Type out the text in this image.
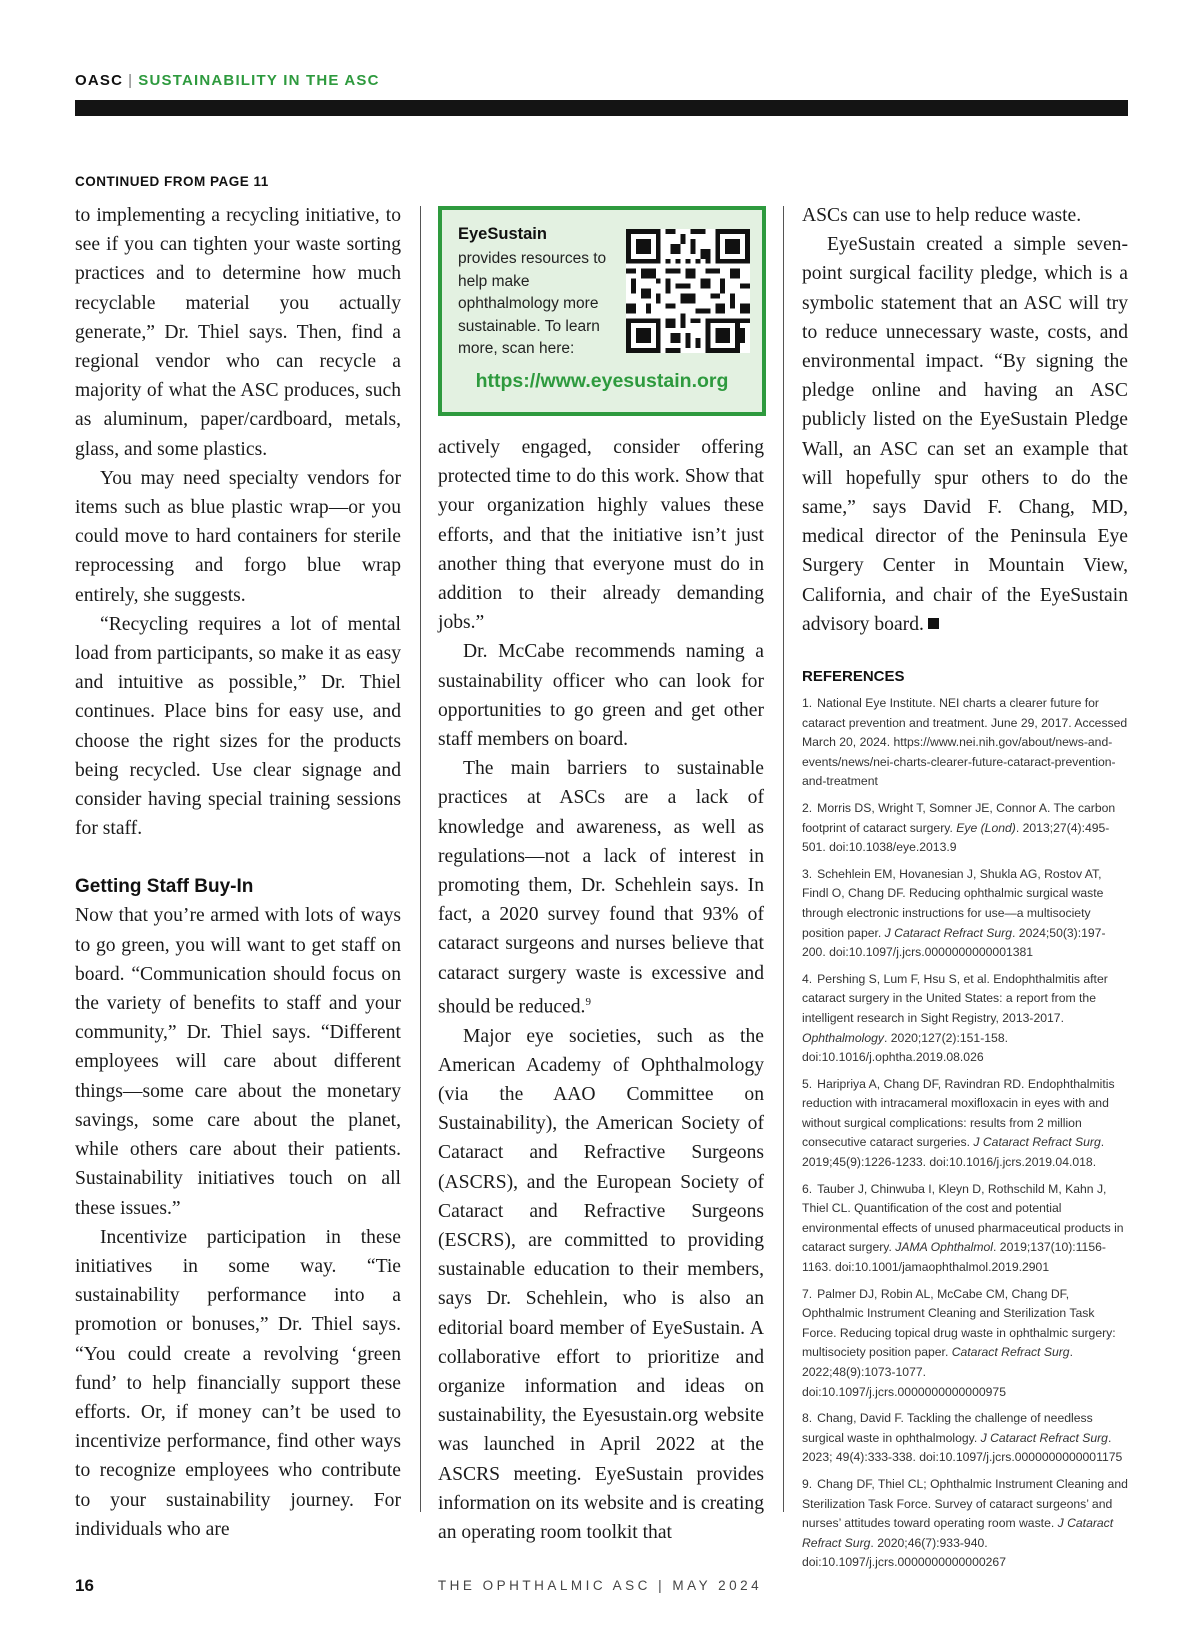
OASC | SUSTAINABILITY IN THE ASC
CONTINUED FROM PAGE 11

to implementing a recycling initiative, to see if you can tighten your waste sorting practices and to determine how much recyclable material you actually generate,” Dr. Thiel says. Then, find a regional vendor who can recycle a majority of what the ASC produces, such as aluminum, paper/cardboard, metals, glass, and some plastics.

You may need specialty vendors for items such as blue plastic wrap—or you could move to hard containers for sterile reprocessing and forgo blue wrap entirely, she suggests.

“Recycling requires a lot of mental load from participants, so make it as easy and intuitive as possible,” Dr. Thiel continues. Place bins for easy use, and choose the right sizes for the products being recycled. Use clear signage and consider having special training sessions for staff.

Getting Staff Buy-In

Now that you’re armed with lots of ways to go green, you will want to get staff on board. “Communication should focus on the variety of benefits to staff and your community,” Dr. Thiel says. “Different employees will care about different things—some care about the monetary savings, some care about the planet, while others care about their patients. Sustainability initiatives touch on all these issues.”

Incentivize participation in these initiatives in some way. “Tie sustainability performance into a promotion or bonuses,” Dr. Thiel says. “You could create a revolving ‘green fund’ to help financially support these efforts. Or, if money can’t be used to incentivize performance, find other ways to recognize employees who contribute to your sustainability journey. For individuals who are

EyeSustain
provides resources to help make ophthalmology more sustainable. To learn more, scan here:
https://www.eyesustain.org

actively engaged, consider offering protected time to do this work. Show that your organization highly values these efforts, and that the initiative isn’t just another thing that everyone must do in addition to their already demanding jobs.”

Dr. McCabe recommends naming a sustainability officer who can look for opportunities to go green and get other staff members on board.

The main barriers to sustainable practices at ASCs are a lack of knowledge and awareness, as well as regulations—not a lack of interest in promoting them, Dr. Schehlein says. In fact, a 2020 survey found that 93% of cataract surgeons and nurses believe that cataract surgery waste is excessive and should be reduced.$^9$

Major eye societies, such as the American Academy of Ophthalmology (via the AAO Committee on Sustainability), the American Society of Cataract and Refractive Surgeons (ASCRS), and the European Society of Cataract and Refractive Surgeons (ESCRS), are committed to providing sustainable education to their members, says Dr. Schehlein, who is also an editorial board member of EyeSustain. A collaborative effort to prioritize and organize information and ideas on sustainability, the Eyesustain.org website was launched in April 2022 at the ASCRS meeting. EyeSustain provides information on its website and is creating an operating room toolkit that

ASCs can use to help reduce waste.

EyeSustain created a simple seven-point surgical facility pledge, which is a symbolic statement that an ASC will try to reduce unnecessary waste, costs, and environmental impact. “By signing the pledge online and having an ASC publicly listed on the EyeSustain Pledge Wall, an ASC can set an example that will hopefully spur others to do the same,” says David F. Chang, MD, medical director of the Peninsula Eye Surgery Center in Mountain View, California, and chair of the EyeSustain advisory board.

REFERENCES
1. National Eye Institute. NEI charts a clearer future for cataract prevention and treatment. June 29, 2017. Accessed March 20, 2024. https://www.nei.nih.gov/about/news-and-events/news/nei-charts-clearer-future-cataract-prevention-and-treatment
2. Morris DS, Wright T, Somner JE, Connor A. The carbon footprint of cataract surgery. Eye (Lond). 2013;27(4):495-501. doi:10.1038/eye.2013.9
3. Schehlein EM, Hovanesian J, Shukla AG, Rostov AT, Findl O, Chang DF. Reducing ophthalmic surgical waste through electronic instructions for use—a multisociety position paper. J Cataract Refract Surg. 2024;50(3):197-200. doi:10.1097/j.jcrs.0000000000001381
4. Pershing S, Lum F, Hsu S, et al. Endophthalmitis after cataract surgery in the United States: a report from the intelligent research in Sight Registry, 2013-2017. Ophthalmology. 2020;127(2):151-158. doi:10.1016/j.ophtha.2019.08.026
5. Haripriya A, Chang DF, Ravindran RD. Endophthalmitis reduction with intracameral moxifloxacin in eyes with and without surgical complications: results from 2 million consecutive cataract surgeries. J Cataract Refract Surg. 2019;45(9):1226-1233. doi:10.1016/j.jcrs.2019.04.018.
6. Tauber J, Chinwuba I, Kleyn D, Rothschild M, Kahn J, Thiel CL. Quantification of the cost and potential environmental effects of unused pharmaceutical products in cataract surgery. JAMA Ophthalmol. 2019;137(10):1156-1163. doi:10.1001/jamaophthalmol.2019.2901
7. Palmer DJ, Robin AL, McCabe CM, Chang DF, Ophthalmic Instrument Cleaning and Sterilization Task Force. Reducing topical drug waste in ophthalmic surgery: multisociety position paper. Cataract Refract Surg. 2022;48(9):1073-1077. doi:10.1097/j.jcrs.0000000000000975
8. Chang, David F. Tackling the challenge of needless surgical waste in ophthalmology. J Cataract Refract Surg. 2023; 49(4):333-338. doi:10.1097/j.jcrs.0000000000001175
9. Chang DF, Thiel CL; Ophthalmic Instrument Cleaning and Sterilization Task Force. Survey of cataract surgeons’ and nurses’ attitudes toward operating room waste. J Cataract Refract Surg. 2020;46(7):933-940. doi:10.1097/j.jcrs.0000000000000267
16	THE OPHTHALMIC ASC | MAY 2024
